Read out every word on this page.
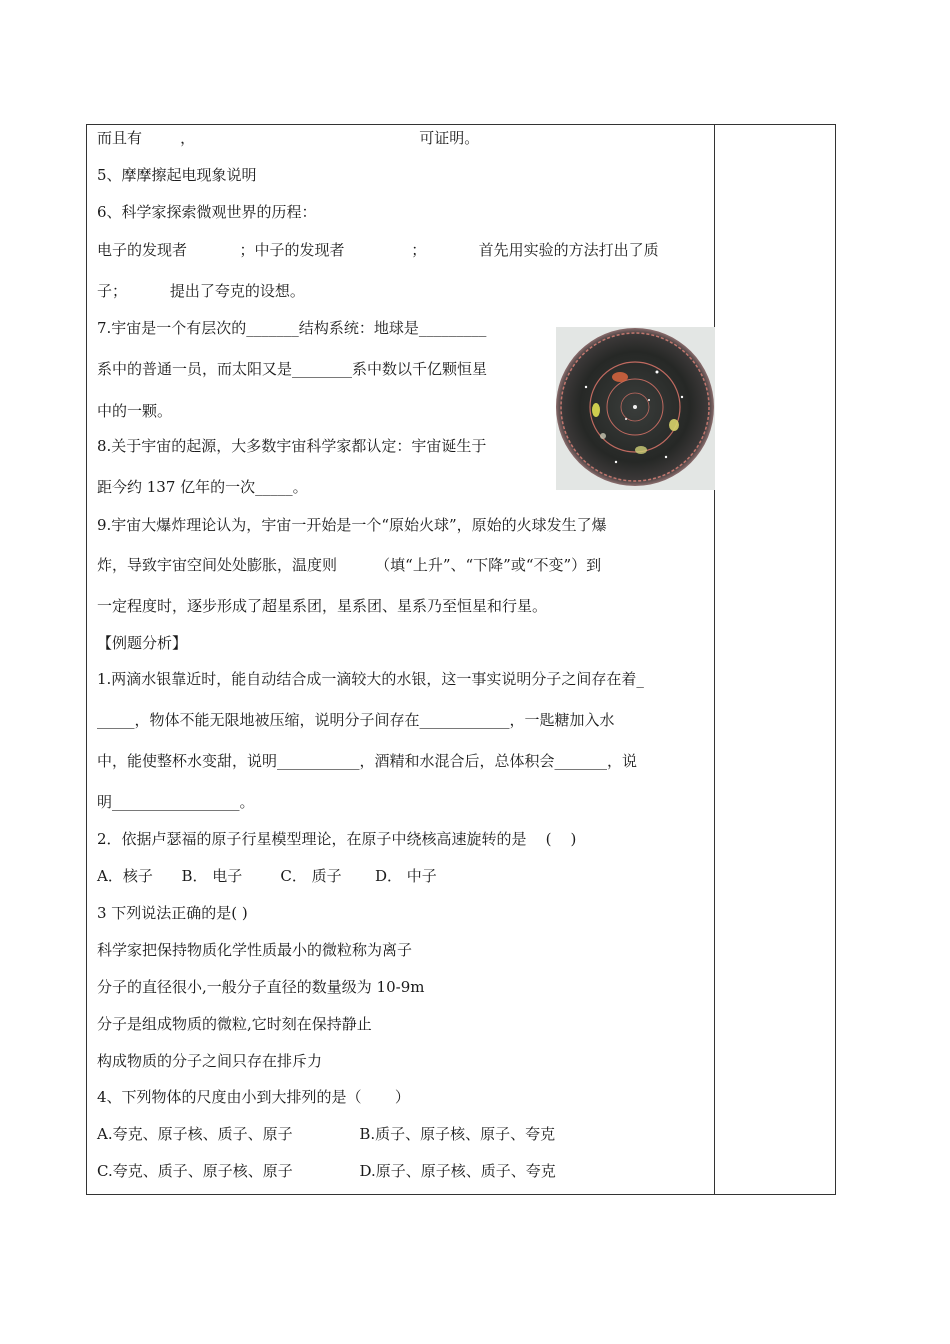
而且有        ，                                               可证明。
5、摩摩擦起电现象说明
6、科学家探索微观世界的历程：
电子的发现者           ；中子的发现者              ；           首先用实验的方法打出了质
子；         提出了夸克的设想。
7.宇宙是一个有层次的_______结构系统：地球是_________
系中的普通一员，而太阳又是________系中数以千亿颗恒星
中的一颗。
8.关于宇宙的起源，大多数宇宙科学家都认定：宇宙诞生于
距今约 137 亿年的一次_____。
9.宇宙大爆炸理论认为，宇宙一开始是一个“原始火球”，原始的火球发生了爆
炸，导致宇宙空间处处膨胀，温度则        （填“上升”、“下降”或“不变”）到
一定程度时，逐步形成了超星系团，星系团、星系乃至恒星和行星。
【例题分析】
1.两滴水银靠近时，能自动结合成一滴较大的水银，这一事实说明分子之间存在着_
_____，物体不能无限地被压缩，说明分子间存在____________，一匙糖加入水
中，能使整杯水变甜，说明___________，酒精和水混合后，总体积会_______，说
明_________________。
2．依据卢瑟福的原子行星模型理论，在原子中绕核高速旋转的是    (    )
A．核子      B． 电子        C． 质子       D． 中子
3 下列说法正确的是( )
科学家把保持物质化学性质最小的微粒称为离子
分子的直径很小,一般分子直径的数量级为 10-9m
分子是组成物质的微粒,它时刻在保持静止
构成物质的分子之间只存在排斥力
4、下列物体的尺度由小到大排列的是（       ）
A.夸克、原子核、质子、原子              B.质子、原子核、原子、夸克
C.夸克、质子、原子核、原子              D.原子、原子核、质子、夸克
